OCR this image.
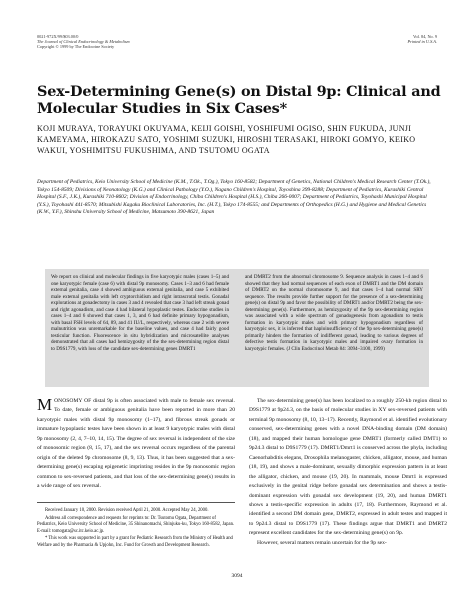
0021-972X/99/$03.00/0
The Journal of Clinical Endocrinology & Metabolism
Copyright © 1999 by The Endocrine Society
Vol. 84, No. 9
Printed in U.S.A.
Sex-Determining Gene(s) on Distal 9p: Clinical and Molecular Studies in Six Cases*
KOJI MURAYA, TORAYUKI OKUYAMA, KEIJI GOISHI, YOSHIFUMI OGISO, SHIN FUKUDA, JUNJI KAMEYAMA, HIROKAZU SATO, YOSHIMI SUZUKI, HIROSHI TERASAKI, HIROKI GOMYO, KEIKO WAKUI, YOSHIMITSU FUKUSHIMA, AND TSUTOMU OGATA
Department of Pediatrics, Keio University School of Medicine (K.M., T.Ok., T.Og.), Tokyo 160-8582; Department of Genetics, National Children's Medical Research Center (T.Ok.), Tokyo 154-8509; Divisions of Neonatology (K.G.) and Clinical Pathology (Y.O.), Nagano Children's Hospital, Toyoshina 399-8288; Department of Pediatrics, Kurashiki Central Hospital (S.F., J.K.), Kurashiki 710-8602; Division of Endocrinology, Chiba Children's Hospital (H.S.), Chiba 266-0007; Department of Pediatrics, Toyohashi Municipal Hospital (Y.S.), Toyohashi 441-8570; Mitsubishi Kagaku Bioclinical Laboratories, Inc. (H.T.), Tokyo 174-8555; and Departments of Orthopedics (H.G.) and Hygiene and Medical Genetics (K.W., Y.F.), Shinshu University School of Medicine, Matsumoto 390-8621, Japan
We report on clinical and molecular findings in five karyotypic males (cases 1–5) and one karyotypic female (case 6) with distal 9p monosomy. Cases 1–3 and 6 had female external genitalia, case 4 showed ambiguous external genitalia, and case 5 exhibited male external genitalia with left cryptorchidism and right intrascrotal testis. Gonadal explorations at gonadectomy in cases 3 and 4 revealed that case 3 had left streak gonad and right agonadism, and case 4 had bilateral hypoplastic testes. Endocrine studies in cases 1–4 and 6 showed that cases 1, 3, and 6 had definite primary hypogonadism, with basal FSH levels of 64, 89, and 41 IU/L, respectively, whereas case 2 with severe malnutrition was unremarkable for the baseline values, and case 4 had fairly good testicular function. Fluorescence in situ hybridization and microsatellite analyses demonstrated that all cases had hemizygosity of the the sex-determining region distal to D9S1779, with loss of the candidate sex-determining genes DMRT1
and DMRT2 from the abnormal chromosome 9. Sequence analysis in cases 1–4 and 6 showed that they had normal sequences of each exon of DMRT1 and the DM domain of DMRT2 on the normal chromosome 9, and that cases 1–4 had normal SRY sequence. The results provide further support for the presence of a sex-determining gene(s) on distal 9p and favor the possibility of DMRT1 and/or DMRT2 being the sex-determining gene(s). Furthermore, as hemizygosity of the 9p sex-determining region was associated with a wide spectrum of gonadogenesis from agonadism to testis formation in karyotypic males and with primary hypogonadism regardless of karyotypic sex, it is inferred that haploinsufficiency of the 9p sex-determining gene(s) primarily hinders the formation of indifferent gonad, leading to various degrees of defective testis formation in karyotypic males and impaired ovary formation in karyotypic females. (J Clin Endocrinol Metab 84: 3094–3100, 1999)

MONOSOMY OF distal 9p is often associated with male to female sex reversal. To date, female or ambiguous genitalia have been reported in more than 20 karyotypic males with distal 9p monosomy (1–17), and fibrous streak gonads or immature hypoplastic testes have been shown in at least 9 karyotypic males with distal 9p monosomy (2, 4, 7–10, 14, 15). The degree of sex reversal is independent of the size of monosomic region (8, 15, 17), and the sex reversal occurs regardless of the parental origin of the deleted 9p chromosome (8, 9, 13). Thus, it has been suggested that a sex-determining gene(s) escaping epigenetic imprinting resides in the 9p monosomic region common to sex-reversed patients, and that loss of the sex-determining gene(s) results in a wide range of sex reversal.

The sex-determining gene(s) has been localized to a roughly 250-kb region distal to D9S1779 at 9p24.3, on the basis of molecular studies in XY sex-reversed patients with terminal 9p monosomy (8, 10, 13–17). Recently, Raymond et al. identified evolutionary conserved, sex-determining genes with a novel DNA-binding domain (DM domain) (18), and mapped their human homologue gene DMRT1 (formerly called DMT1) to 9p24.3 distal to D9S1779 (17). DMRT1/Dmrt1 is conserved across the phyla, including Caenorhabditis elegans, Drosophila melanogaster, chicken, alligator, mouse, and human (18, 19), and shows a male-dominant, sexually dimorphic expression pattern in at least the alligator, chicken, and mouse (19, 20). In mammals, mouse Dmrt1 is expressed exclusively in the genital ridge before gonadal sex determination and shows a testis-dominant expression with gonadal sex development (19, 20), and human DMRT1 shows a testis-specific expression in adults (17, 18). Furthermore, Raymond et al. identified a second DM domain gene, DMRT2, expressed in adult testes and mapped it to 9p24.3 distal to D9S1779 (17). These findings argue that DMRT1 and DMRT2 represent excellent candidates for the sex-determining gene(s) on 9p.

However, several matters remain uncertain for the 9p sex-

Received January 10, 2000. Revision received April 21, 2000. Accepted May 24, 2000.

Address all correspondence and requests for reprints to: Dr. Tsutomu Ogata, Department of Pediatrics, Keio University School of Medicine, 35 Shinanomachi, Shinjuku-ku, Tokyo 160-8582, Japan. E-mail: tomogata@sc.itc.keio.ac.jp.

* This work was supported in part by a grant for Pediatric Research from the Ministry of Health and Welfare and by the Pharmacia & Upjohn, Inc. Fund for Growth and Development Research.

3094
